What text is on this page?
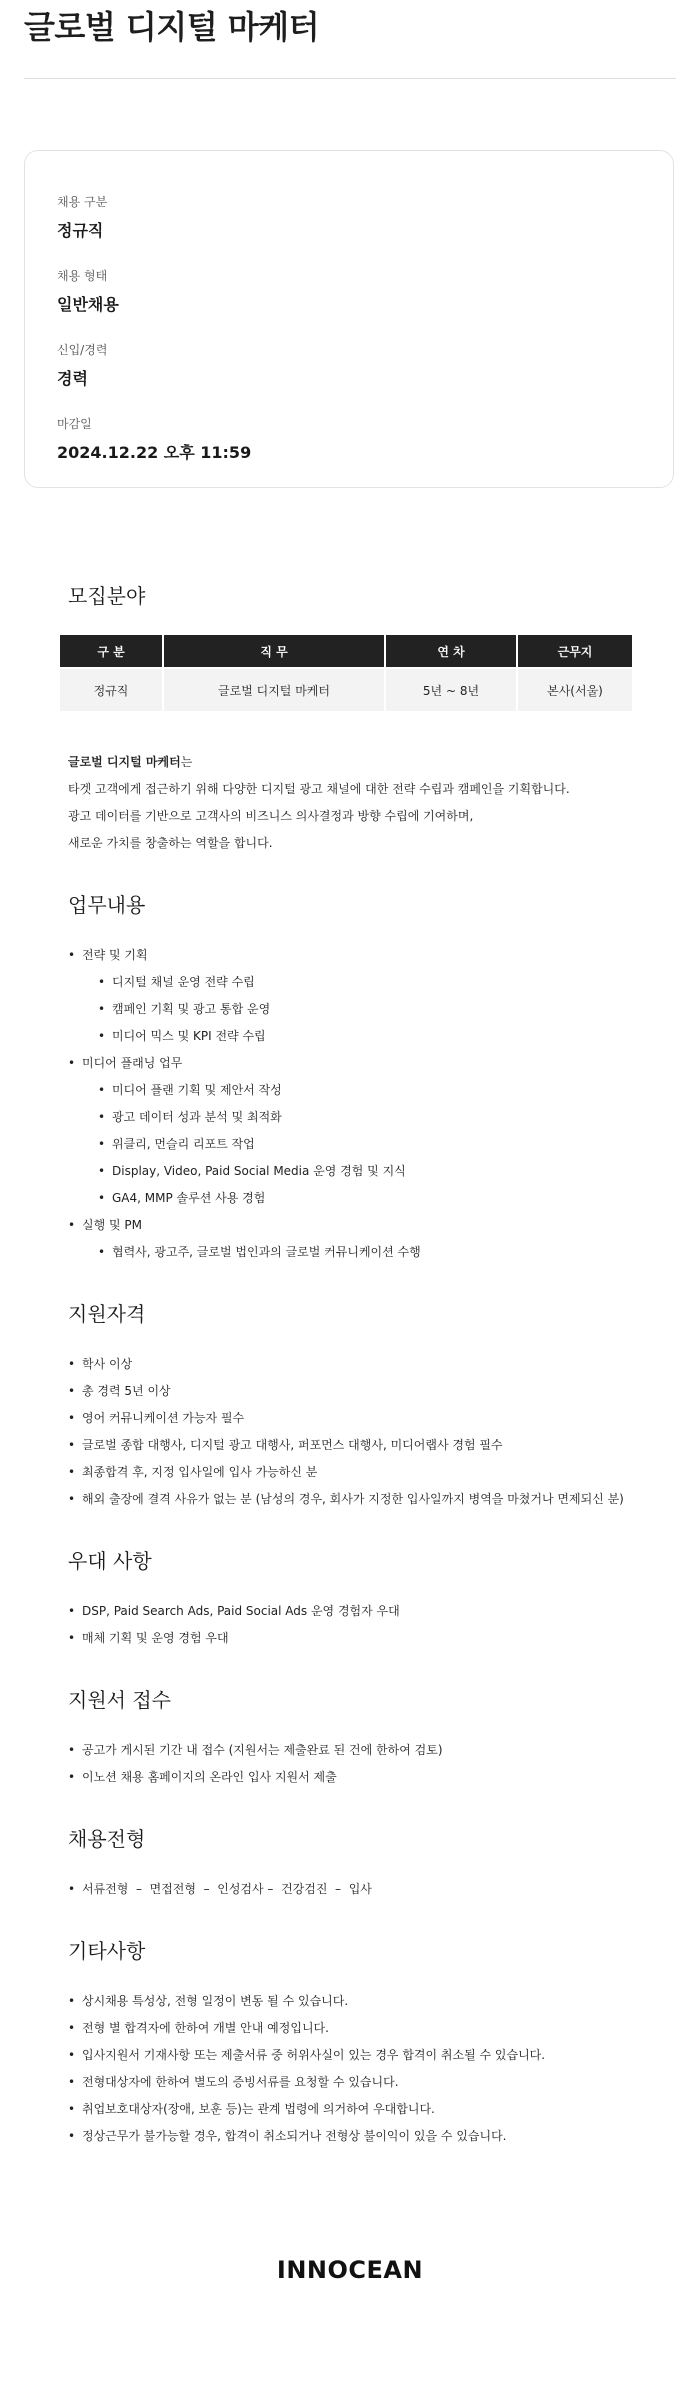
글로벌 디지털 마케터
채용 구분
정규직
채용 형태
일반채용
신입/경력
경력
마감일
2024.12.22 오후 11:59
모집분야
구 분	직 무	연 차	근무지
정규직	글로벌 디지털 마케터	5년 ~ 8년	본사(서울)
글로벌 디지털 마케터는
타겟 고객에게 접근하기 위해 다양한 디지털 광고 채널에 대한 전략 수립과 캠페인을 기획합니다.
광고 데이터를 기반으로 고객사의 비즈니스 의사결정과 방향 수립에 기여하며,
새로운 가치를 창출하는 역할을 합니다.
업무내용
• 전략 및 기획
• 디지털 채널 운영 전략 수립
• 캠페인 기획 및 광고 통합 운영
• 미디어 믹스 및 KPI 전략 수립
• 미디어 플래닝 업무
• 미디어 플랜 기획 및 제안서 작성
• 광고 데이터 성과 분석 및 최적화
• 위클리, 먼슬리 리포트 작업
• Display, Video, Paid Social Media 운영 경험 및 지식
• GA4, MMP 솔루션 사용 경험
• 실행 및 PM
• 협력사, 광고주, 글로벌 법인과의 글로벌 커뮤니케이션 수행
지원자격
• 학사 이상
• 총 경력 5년 이상
• 영어 커뮤니케이션 가능자 필수
• 글로벌 종합 대행사, 디지털 광고 대행사, 퍼포먼스 대행사, 미디어랩사 경험 필수
• 최종합격 후, 지정 입사일에 입사 가능하신 분
• 해외 출장에 결격 사유가 없는 분 (남성의 경우, 회사가 지정한 입사일까지 병역을 마쳤거나 면제되신 분)
우대 사항
• DSP, Paid Search Ads, Paid Social Ads 운영 경험자 우대
• 매체 기획 및 운영 경험 우대
지원서 접수
• 공고가 게시된 기간 내 접수 (지원서는 제출완료 된 건에 한하여 검토)
• 이노션 채용 홈페이지의 온라인 입사 지원서 제출
채용전형
• 서류전형  –  면접전형  –  인성검사 –  건강검진  –  입사
기타사항
• 상시채용 특성상, 전형 일정이 변동 될 수 있습니다.
• 전형 별 합격자에 한하여 개별 안내 예정입니다.
• 입사지원서 기재사항 또는 제출서류 중 허위사실이 있는 경우 합격이 취소될 수 있습니다.
• 전형대상자에 한하여 별도의 증빙서류를 요청할 수 있습니다.
• 취업보호대상자(장애, 보훈 등)는 관계 법령에 의거하여 우대합니다.
• 정상근무가 불가능할 경우, 합격이 취소되거나 전형상 불이익이 있을 수 있습니다.
INNOCEAN
